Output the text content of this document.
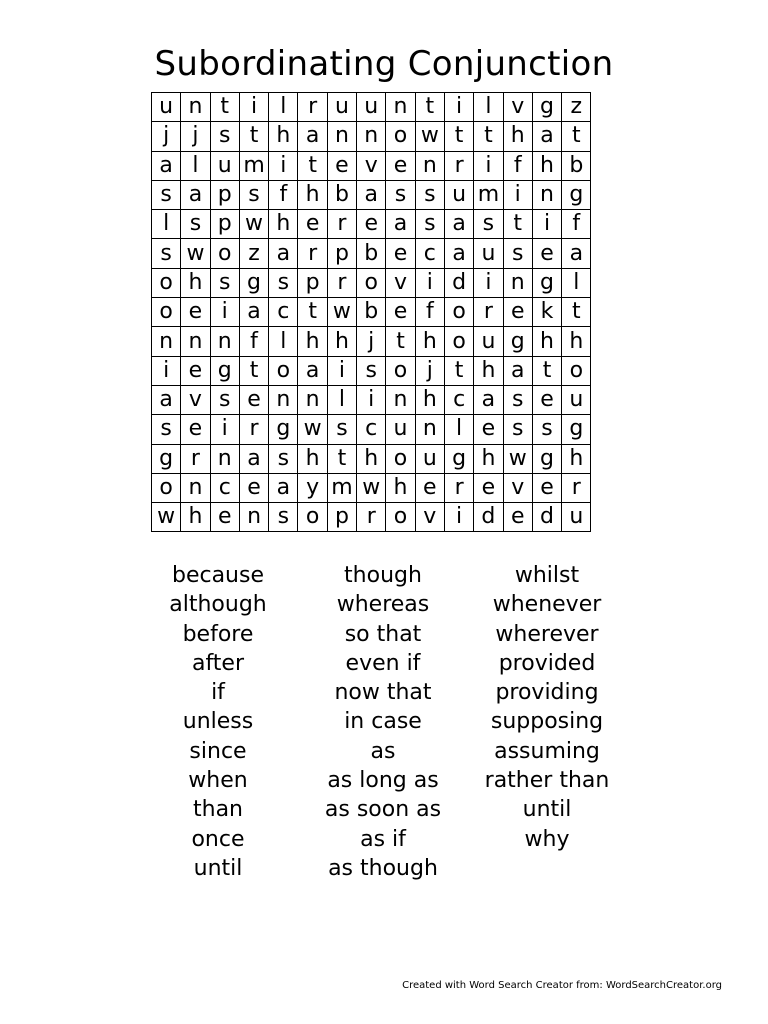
Subordinating Conjunction
u	n	t	i	l	r	u	u	n	t	i	l	v	g	z
j	j	s	t	h	a	n	n	o	w	t	t	h	a	t
a	l	u	m	i	t	e	v	e	n	r	i	f	h	b
s	a	p	s	f	h	b	a	s	s	u	m	i	n	g
l	s	p	w	h	e	r	e	a	s	a	s	t	i	f
s	w	o	z	a	r	p	b	e	c	a	u	s	e	a
o	h	s	g	s	p	r	o	v	i	d	i	n	g	l
o	e	i	a	c	t	w	b	e	f	o	r	e	k	t
n	n	n	f	l	h	h	j	t	h	o	u	g	h	h
i	e	g	t	o	a	i	s	o	j	t	h	a	t	o
a	v	s	e	n	n	l	i	n	h	c	a	s	e	u
s	e	i	r	g	w	s	c	u	n	l	e	s	s	g
g	r	n	a	s	h	t	h	o	u	g	h	w	g	h
o	n	c	e	a	y	m	w	h	e	r	e	v	e	r
w	h	e	n	s	o	p	r	o	v	i	d	e	d	u
because
although
before
after
if
unless
since
when
than
once
until
though
whereas
so that
even if
now that
in case
as
as long as
as soon as
as if
as though
whilst
whenever
wherever
provided
providing
supposing
assuming
rather than
until
why
Created with Word Search Creator from: WordSearchCreator.org
